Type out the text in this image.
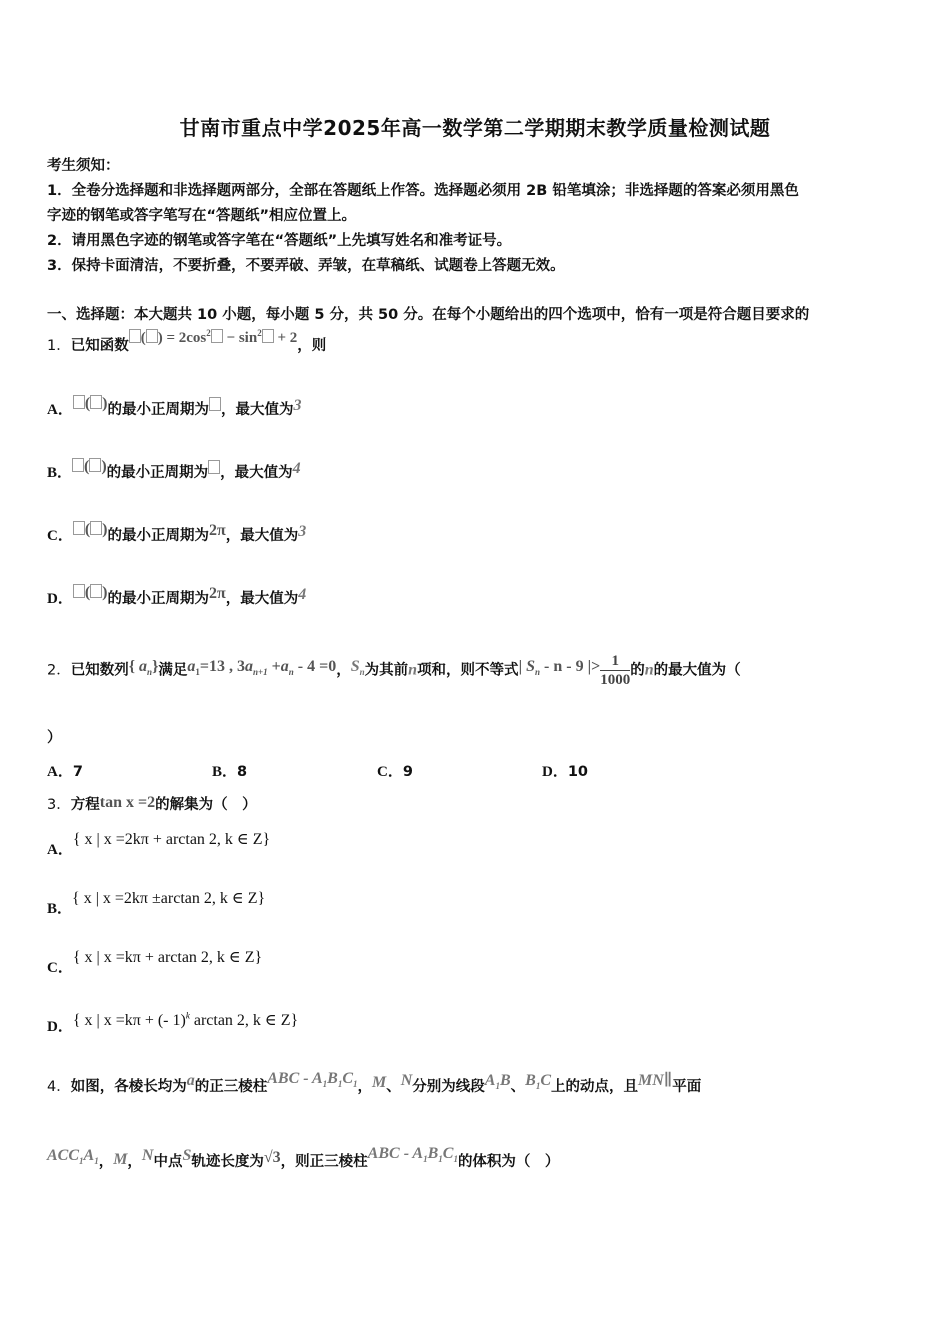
甘南市重点中学2025年高一数学第二学期期末教学质量检测试题
考生须知：
1．全卷分选择题和非选择题两部分，全部在答题纸上作答。选择题必须用 2B 铅笔填涂；非选择题的答案必须用黑色
字迹的钢笔或答字笔写在“答题纸”相应位置上。
2．请用黑色字迹的钢笔或答字笔在“答题纸”上先填写姓名和准考证号。
3．保持卡面清洁，不要折叠，不要弄破、弄皱，在草稿纸、试题卷上答题无效。
一、选择题：本大题共 10 小题，每小题 5 分，共 50 分。在每个小题给出的四个选项中，恰有一项是符合题目要求的
1．已知函数 ( ) = $2\cos^2 - \sin^2 + 2$，则
A． ( )的最小正周期为 ，最大值为3
B． ( )的最小正周期为 ，最大值为4
C． ( )的最小正周期为2π，最大值为3
D． ( )的最小正周期为2π，最大值为4
2．已知数列{ $a_n$}满足$a_1=13$ , $3a_{n+1} +a_n - 4 =0$，$S_n$为其前n项和，则不等式| $S_n$ - n - 9 |> $\frac{1}{1000}$ 的n的最大值为（
）
A．7	B．8	C．9	D．10
3．方程tan x =2的解集为（　）
A．{ x | x =2kπ + arctan 2, k ∈ Z}
B．{ x | x =2kπ ±arctan 2, k ∈ Z}
C．{ x | x =kπ + arctan 2, k ∈ Z}
D．{ x | x =kπ + (- 1)$^k$ arctan 2, k ∈ Z}
4．如图，各棱长均为a的正三棱柱ABC - $A_1B_1C_1$，M、N分别为线段$A_1B$、$B_1C$上的动点，且MN∥平面
$ACC_1A_1$，M，N中点S轨迹长度为√3，则正三棱柱ABC - $A_1B_1C_1$的体积为（　）
